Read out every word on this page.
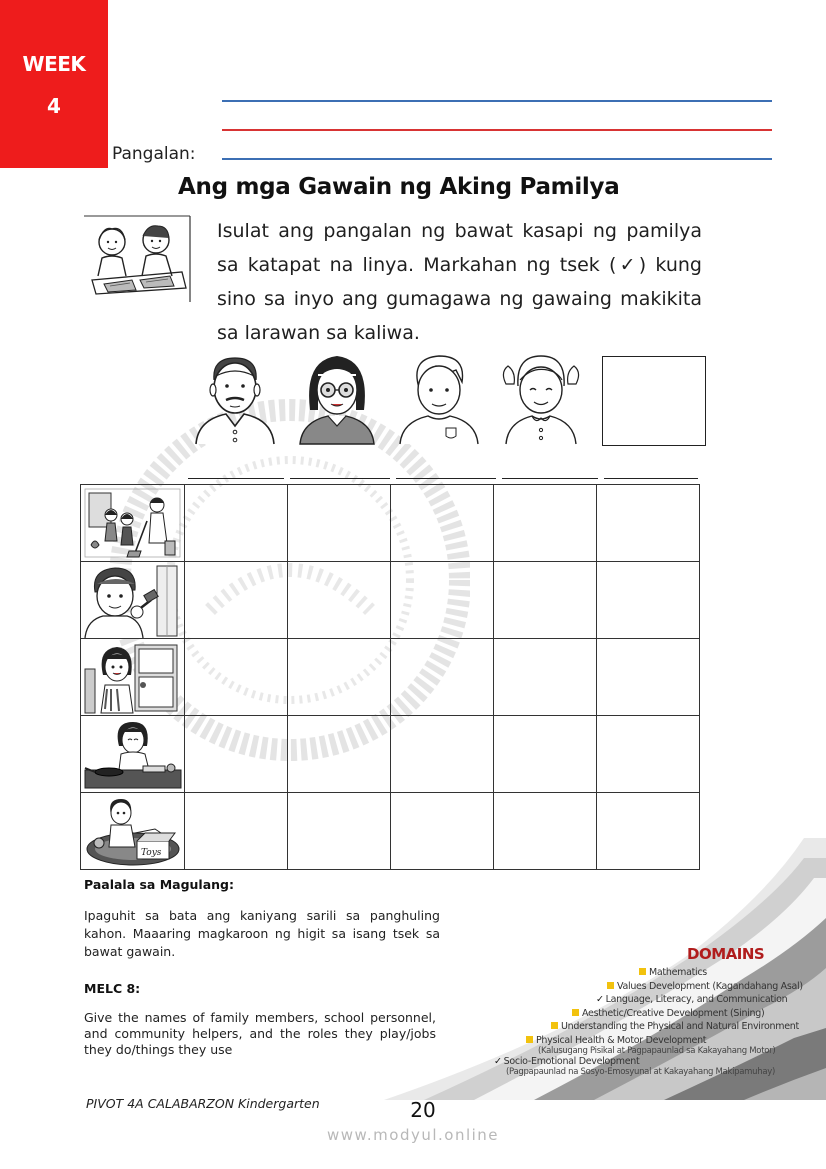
WEEK
4
Pangalan:
Ang mga Gawain ng Aking Pamilya
Isulat ang pangalan ng bawat kasapi ng pamilya sa katapat na linya. Markahan ng tsek (✓) kung sino sa inyo ang gumagawa ng gawaing makikita sa larawan sa kaliwa.

Toys					

Paalala sa Magulang:
Ipaguhit sa bata ang kaniyang sarili sa panghuling kahon. Maaaring magkaroon ng higit sa isang tsek sa bawat gawain.
MELC 8:
Give the names of family members, school personnel, and community helpers, and the roles they play/jobs they do/things they use
DOMAINS
Mathematics
Values Development (Kagandahang Asal)
✓ Language, Literacy, and Communication
Aesthetic/Creative Development (Sining)
Understanding the Physical and Natural Environment
Physical Health & Motor Development
(Kalusugang Pisikal at Pagpapaunlad sa Kakayahang Motor)
✓ Socio-Emotional Development
(Pagpapaunlad na Sosyo-Emosyunal at Kakayahang Makipamuhay)
PIVOT 4A CALABARZON Kindergarten	20
www.modyul.online
